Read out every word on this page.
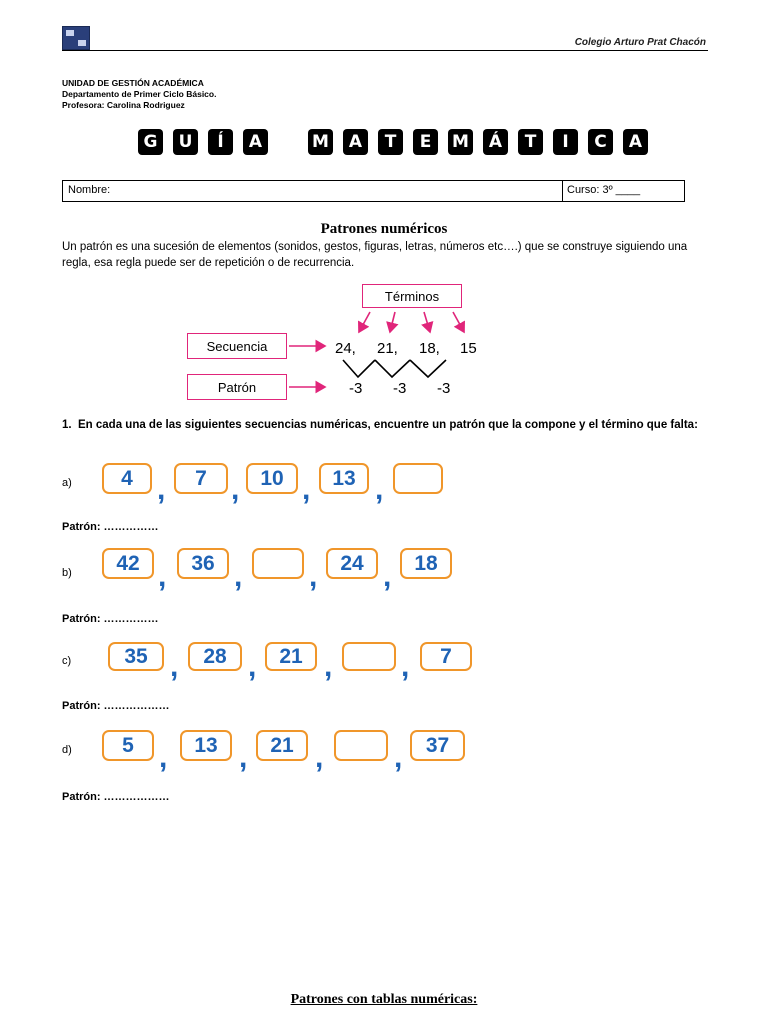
Colegio Arturo Prat Chacón
UNIDAD DE GESTIÓN ACADÉMICA
Departamento de Primer Ciclo Básico.
Profesora: Carolina Rodriguez
G	U	Í	A	M	A	T	E	M	Á	T	I	C	A
Nombre:	Curso: 3º ____
Patrones numéricos
Un patrón es una sucesión de elementos (sonidos, gestos, figuras, letras, números etc….) que se construye siguiendo una regla, esa regla puede ser de repetición o de recurrencia.
Términos
Secuencia
Patrón
24, 21, 18, 15
-3 -3 -3
1. En cada una de las siguientes secuencias numéricas, encuentre un patrón que la compone y el término que falta:
a)	4 ,	7 , 10 ,	13 ,
Patrón: ……………
b)	42 ,	36 , ,	24 ,	18
Patrón: ……………
c)	35 ,	28 ,	21 , ,	7
Patrón: ………………
d)	5 ,	13 ,	21 , ,	37
Patrón: ………………
Patrones con tablas numéricas:
